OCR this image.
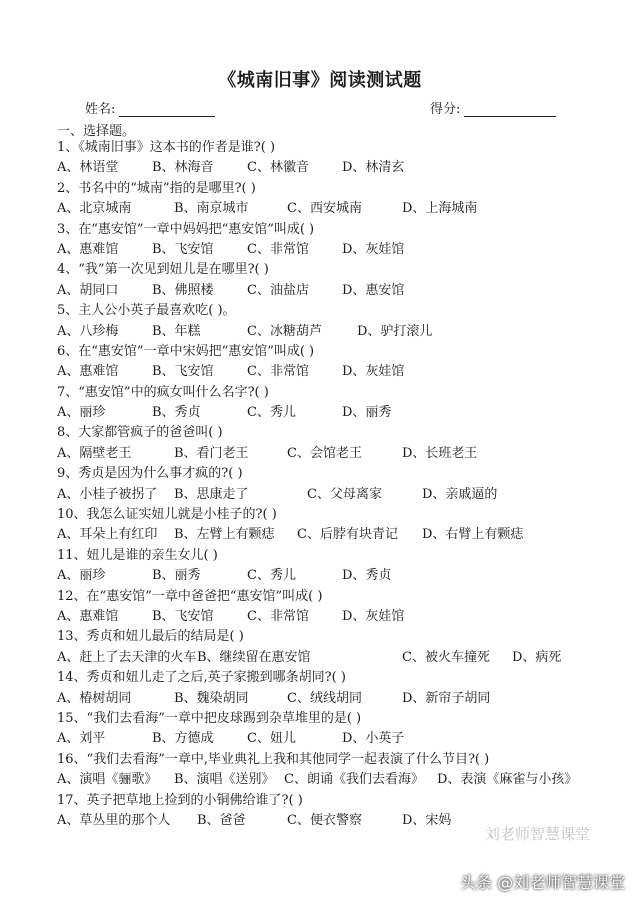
《城南旧事》阅读测试题
姓名:	得分:
一、选择题。
1、《城南旧事》这本书的作者是谁?( )
A、林语堂	B、林海音	C、林徽音	D、林清玄
2、书名中的“城南”指的是哪里?( )
A、北京城南	B、南京城市	C、西安城南	D、上海城南
3、在“惠安馆”一章中妈妈把“惠安馆”叫成( )
A、惠难馆	B、飞安馆	C、非常馆	D、灰娃馆
4、“我”第一次见到妞儿是在哪里?( )
A、胡同口	B、佛照楼	C、油盐店	D、惠安馆
5、主人公小英子最喜欢吃( )。
A、八珍梅	B、年糕	C、冰糖葫芦	D、驴打滚儿
6、在“惠安馆”一章中宋妈把“惠安馆”叫成( )
A、惠难馆	B、飞安馆	C、非常馆	D、灰娃馆
7、“惠安馆”中的疯女叫什么名字?( )
A、丽珍	B、秀贞	C、秀儿	D、丽秀
8、大家都管疯子的爸爸叫( )
A、隔壁老王	B、看门老王	C、会馆老王	D、长班老王
9、秀贞是因为什么事才疯的?( )
A、小桂子被拐了 B、思康走了	C、父母离家	D、亲戚逼的
10、我怎么证实妞儿就是小桂子的?( )
A、耳朵上有红印 B、左臂上有颗痣 C、后脖有块青记 D、右臂上有颗痣
11、妞儿是谁的亲生女儿( )
A、丽珍	B、丽秀	C、秀儿	D、秀贞
12、在“惠安馆”一章中爸爸把“惠安馆”叫成( )
A、惠难馆	B、飞安馆	C、非常馆	D、灰娃馆
13、秀贞和妞儿最后的结局是( )
A、赶上了去天津的火车 B、继续留在惠安馆	C、被火车撞死 D、病死
14、秀贞和妞儿走了之后,英子家搬到哪条胡同?( )
A、椿树胡同	B、魏染胡同	C、绒线胡同	D、新帘子胡同
15、“我们去看海”一章中把皮球踢到杂草堆里的是( )
A、刘平	B、方德成	C、妞儿	D、小英子
16、“我们去看海”一章中,毕业典礼上我和其他同学一起表演了什么节目?( )
A、演唱《骊歌》 B、演唱《送别》 C、朗诵《我们去看海》 D、表演《麻雀与小孩》
17、英子把草地上捡到的小铜佛给谁了?( )
A、草丛里的那个人 B、爸爸	C、便衣警察	D、宋妈
刘老师智慧课堂
头条 @刘老师智慧课堂
